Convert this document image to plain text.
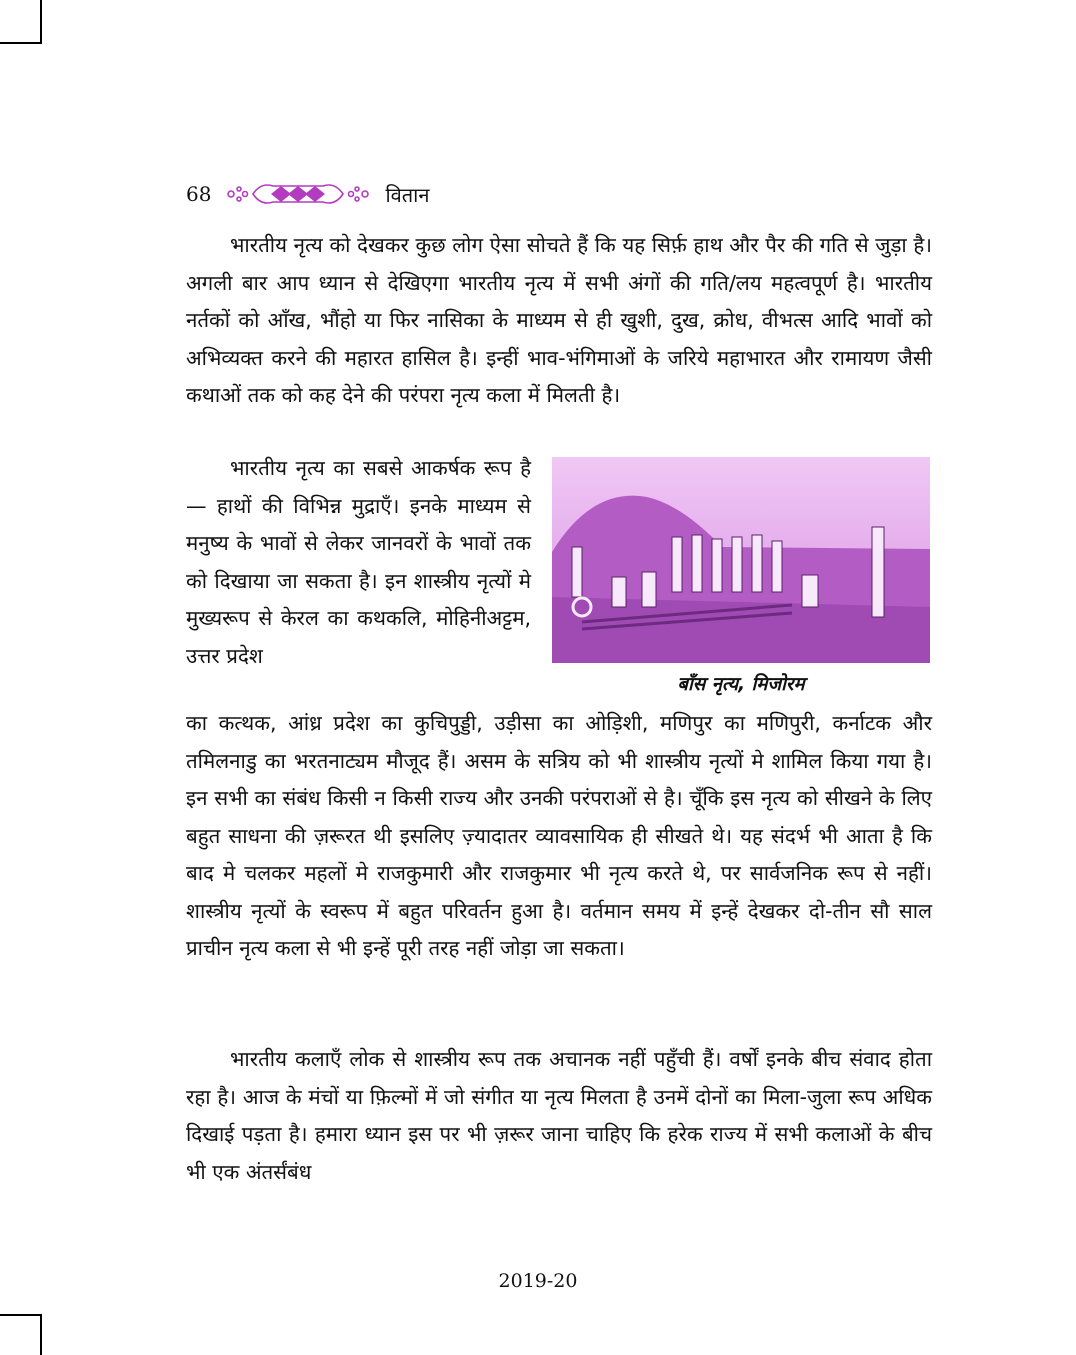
68	वितान

भारतीय नृत्य को देखकर कुछ लोग ऐसा सोचते हैं कि यह सिर्फ़ हाथ और पैर की गति से जुड़ा है। अगली बार आप ध्यान से देखिएगा भारतीय नृत्य में सभी अंगों की गति/लय महत्वपूर्ण है। भारतीय नर्तकों को आँख, भौंहो या फिर नासिका के माध्यम से ही खुशी, दुख, क्रोध, वीभत्स आदि भावों को अभिव्यक्त करने की महारत हासिल है। इन्हीं भाव-भंगिमाओं के जरिये महाभारत और रामायण जैसी कथाओं तक को कह देने की परंपरा नृत्य कला में मिलती है।

भारतीय नृत्य का सबसे आकर्षक रूप है— हाथों की विभिन्न मुद्राएँ। इनके माध्यम से मनुष्य के भावों से लेकर जानवरों के भावों तक को दिखाया जा सकता है। इन शास्त्रीय नृत्यों मे मुख्यरूप से केरल का कथकलि, मोहिनीअट्टम, उत्तर प्रदेश

बाँस नृत्य, मिजोरम

का कत्थक, आंध्र प्रदेश का कुचिपुड्डी, उड़ीसा का ओड़िशी, मणिपुर का मणिपुरी, कर्नाटक और तमिलनाडु का भरतनाट्यम मौजूद हैं। असम के सत्रिय को भी शास्त्रीय नृत्यों मे शामिल किया गया है। इन सभी का संबंध किसी न किसी राज्य और उनकी परंपराओं से है। चूँकि इस नृत्य को सीखने के लिए बहुत साधना की ज़रूरत थी इसलिए ज़्यादातर व्यावसायिक ही सीखते थे। यह संदर्भ भी आता है कि बाद मे चलकर महलों मे राजकुमारी और राजकुमार भी नृत्य करते थे, पर सार्वजनिक रूप से नहीं। शास्त्रीय नृत्यों के स्वरूप में बहुत परिवर्तन हुआ है। वर्तमान समय में इन्हें देखकर दो-तीन सौ साल प्राचीन नृत्य कला से भी इन्हें पूरी तरह नहीं जोड़ा जा सकता।

भारतीय कलाएँ लोक से शास्त्रीय रूप तक अचानक नहीं पहुँची हैं। वर्षों इनके बीच संवाद होता रहा है। आज के मंचों या फ़िल्मों में जो संगीत या नृत्य मिलता है उनमें दोनों का मिला-जुला रूप अधिक दिखाई पड़ता है। हमारा ध्यान इस पर भी ज़रूर जाना चाहिए कि हरेक राज्य में सभी कलाओं के बीच भी एक अंतर्संबंध

2019-20
